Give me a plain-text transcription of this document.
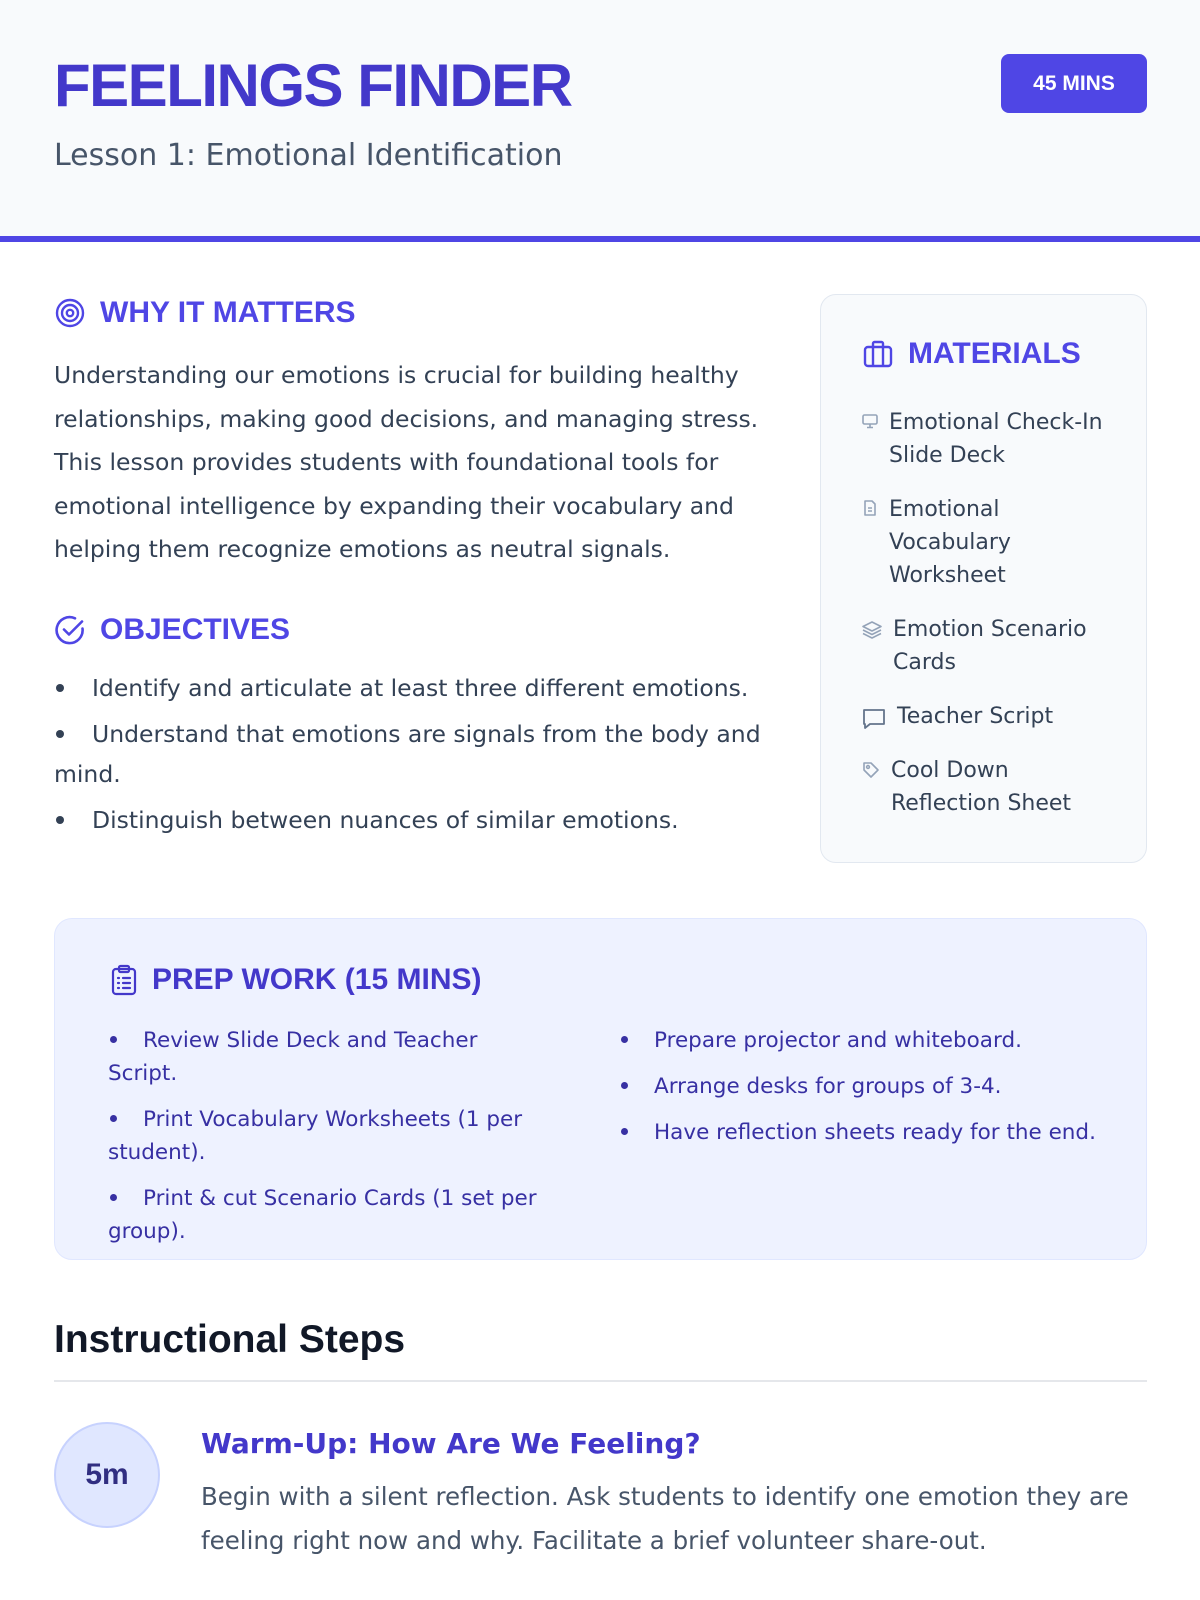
FEELINGS FINDER
Lesson 1: Emotional Identification
45 MINS
WHY IT MATTERS

Understanding our emotions is crucial for building healthy relationships, making good decisions, and managing stress. This lesson provides students with foundational tools for emotional intelligence by expanding their vocabulary and helping them recognize emotions as neutral signals.

OBJECTIVES
Identify and articulate at least three different emotions.
Understand that emotions are signals from the body and mind.
Distinguish between nuances of similar emotions.
MATERIALS
Emotional Check-In Slide Deck
Emotional Vocabulary Worksheet
Emotion Scenario Cards
Teacher Script
Cool Down Reflection Sheet
PREP WORK (15 MINS)
Review Slide Deck and Teacher Script.
Print Vocabulary Worksheets (1 per student).
Print & cut Scenario Cards (1 set per group).
Prepare projector and whiteboard.
Arrange desks for groups of 3-4.
Have reflection sheets ready for the end.
Instructional Steps
5m
Warm-Up: How Are We Feeling?

Begin with a silent reflection. Ask students to identify one emotion they are feeling right now and why. Facilitate a brief volunteer share-out.
